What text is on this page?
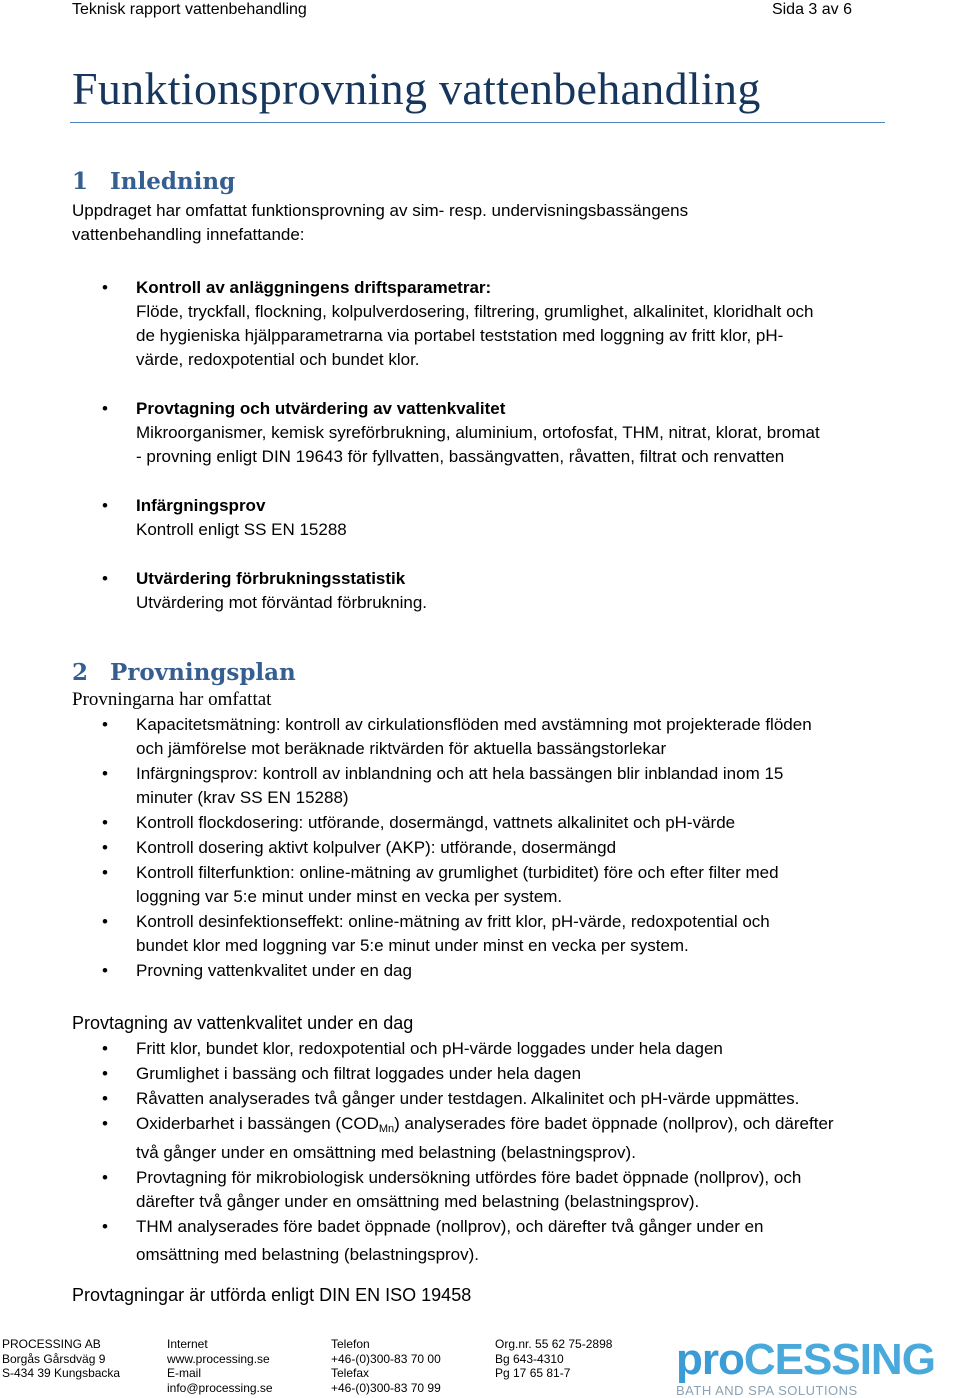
Teknisk rapport vattenbehandling	Sida 3 av 6
Funktionsprovning vattenbehandling
1 Inledning
Uppdraget har omfattat funktionsprovning av sim- resp. undervisningsbassängens
vattenbehandling innefattande:
• Kontroll av anläggningens driftsparametrar:
Flöde, tryckfall, flockning, kolpulverdosering, filtrering, grumlighet, alkalinitet, kloridhalt och
de hygieniska hjälpparametrarna via portabel teststation med loggning av fritt klor, pH-
värde, redoxpotential och bundet klor.
• Provtagning och utvärdering av vattenkvalitet
Mikroorganismer, kemisk syreförbrukning, aluminium, ortofosfat, THM, nitrat, klorat, bromat
- provning enligt DIN 19643 för fyllvatten, bassängvatten, råvatten, filtrat och renvatten
• Infärgningsprov
Kontroll enligt SS EN 15288
• Utvärdering förbrukningsstatistik
Utvärdering mot förväntad förbrukning.
2 Provningsplan
Provningarna har omfattat
• Kapacitetsmätning: kontroll av cirkulationsflöden med avstämning mot projekterade flöden
och jämförelse mot beräknade riktvärden för aktuella bassängstorlekar
• Infärgningsprov: kontroll av inblandning och att hela bassängen blir inblandad inom 15
minuter (krav SS EN 15288)
• Kontroll flockdosering: utförande, dosermängd, vattnets alkalinitet och pH-värde
• Kontroll dosering aktivt kolpulver (AKP): utförande, dosermängd
• Kontroll filterfunktion: online-mätning av grumlighet (turbiditet) före och efter filter med
loggning var 5:e minut under minst en vecka per system.
• Kontroll desinfektionseffekt: online-mätning av fritt klor, pH-värde, redoxpotential och
bundet klor med loggning var 5:e minut under minst en vecka per system.
• Provning vattenkvalitet under en dag
Provtagning av vattenkvalitet under en dag
• Fritt klor, bundet klor, redoxpotential och pH-värde loggades under hela dagen
• Grumlighet i bassäng och filtrat loggades under hela dagen
• Råvatten analyserades två gånger under testdagen. Alkalinitet och pH-värde uppmättes.
• Oxiderbarhet i bassängen $(COD_{Mn})$ analyserades före badet öppnade (nollprov), och därefter
två gånger under en omsättning med belastning (belastningsprov).
• Provtagning för mikrobiologisk undersökning utfördes före badet öppnade (nollprov), och
därefter två gånger under en omsättning med belastning (belastningsprov).
• THM analyserades före badet öppnade (nollprov), och därefter två gånger under en
omsättning med belastning (belastningsprov).
Provtagningar är utförda enligt DIN EN ISO 19458
PROCESSING AB
Borgås Gårsdväg 9
S-434 39 Kungsbacka
Internet
www.processing.se
E-mail
info@processing.se
Telefon
+46-(0)300-83 70 00
Telefax
+46-(0)300-83 70 99
Org.nr. 55 62 75-2898
Bg 643-4310
Pg 17 65 81-7	proCESSING
BATH AND SPA SOLUTIONS
